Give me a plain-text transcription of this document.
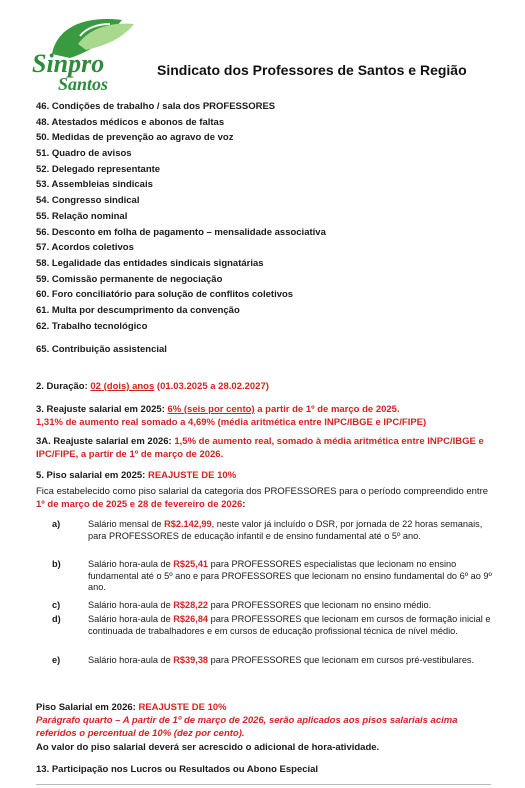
Sinpro
Santos
Sindicato dos Professores de Santos e Região
46. Condições de trabalho / sala dos PROFESSORES
48. Atestados médicos e abonos de faltas
50. Medidas de prevenção ao agravo de voz
51. Quadro de avisos
52. Delegado representante
53. Assembleias sindicais
54. Congresso sindical
55. Relação nominal
56. Desconto em folha de pagamento – mensalidade associativa
57. Acordos coletivos
58. Legalidade das entidades sindicais signatárias
59. Comissão permanente de negociação
60. Foro conciliatório para solução de conflitos coletivos
61. Multa por descumprimento da convenção
62. Trabalho tecnológico
65. Contribuição assistencial
2. Duração: 02 (dois) anos (01.03.2025 a 28.02.2027)
3. Reajuste salarial em 2025: 6% (seis por cento) a partir de 1º de março de 2025.
1,31% de aumento real somado a 4,69% (média aritmética entre INPC/IBGE e IPC/FIPE)
3A. Reajuste salarial em 2026: 1,5% de aumento real, somado à média aritmética entre INPC/IBGE e IPC/FIPE, a partir de 1º de março de 2026.
5. Piso salarial em 2025: REAJUSTE DE 10%
Fica estabelecido como piso salarial da categoria dos PROFESSORES para o período compreendido entre 1º de março de 2025 e 28 de fevereiro de 2026:
a)	Salário mensal de R$2.142,99, neste valor já incluído o DSR, por jornada de 22 horas semanais, para PROFESSORES de educação infantil e de ensino fundamental até o 5º ano.
b)	Salário hora-aula de R$25,41 para PROFESSORES especialistas que lecionam no ensino fundamental até o 5º ano e para PROFESSORES que lecionam no ensino fundamental do 6º ao 9º ano.
c)	Salário hora-aula de R$28,22 para PROFESSORES que lecionam no ensino médio.
d)	Salário hora-aula de R$26,84 para PROFESSORES que lecionam em cursos de formação inicial e continuada de trabalhadores e em cursos de educação profissional técnica de nível médio.
e)	Salário hora-aula de R$39,38 para PROFESSORES que lecionam em cursos pré-vestibulares.
Piso Salarial em 2026: REAJUSTE DE 10%
Parágrafo quarto – A partir de 1º de março de 2026, serão aplicados aos pisos salariais acima referidos o percentual de 10% (dez por cento).
Ao valor do piso salarial deverá ser acrescido o adicional de hora-atividade.
13. Participação nos Lucros ou Resultados ou Abono Especial
